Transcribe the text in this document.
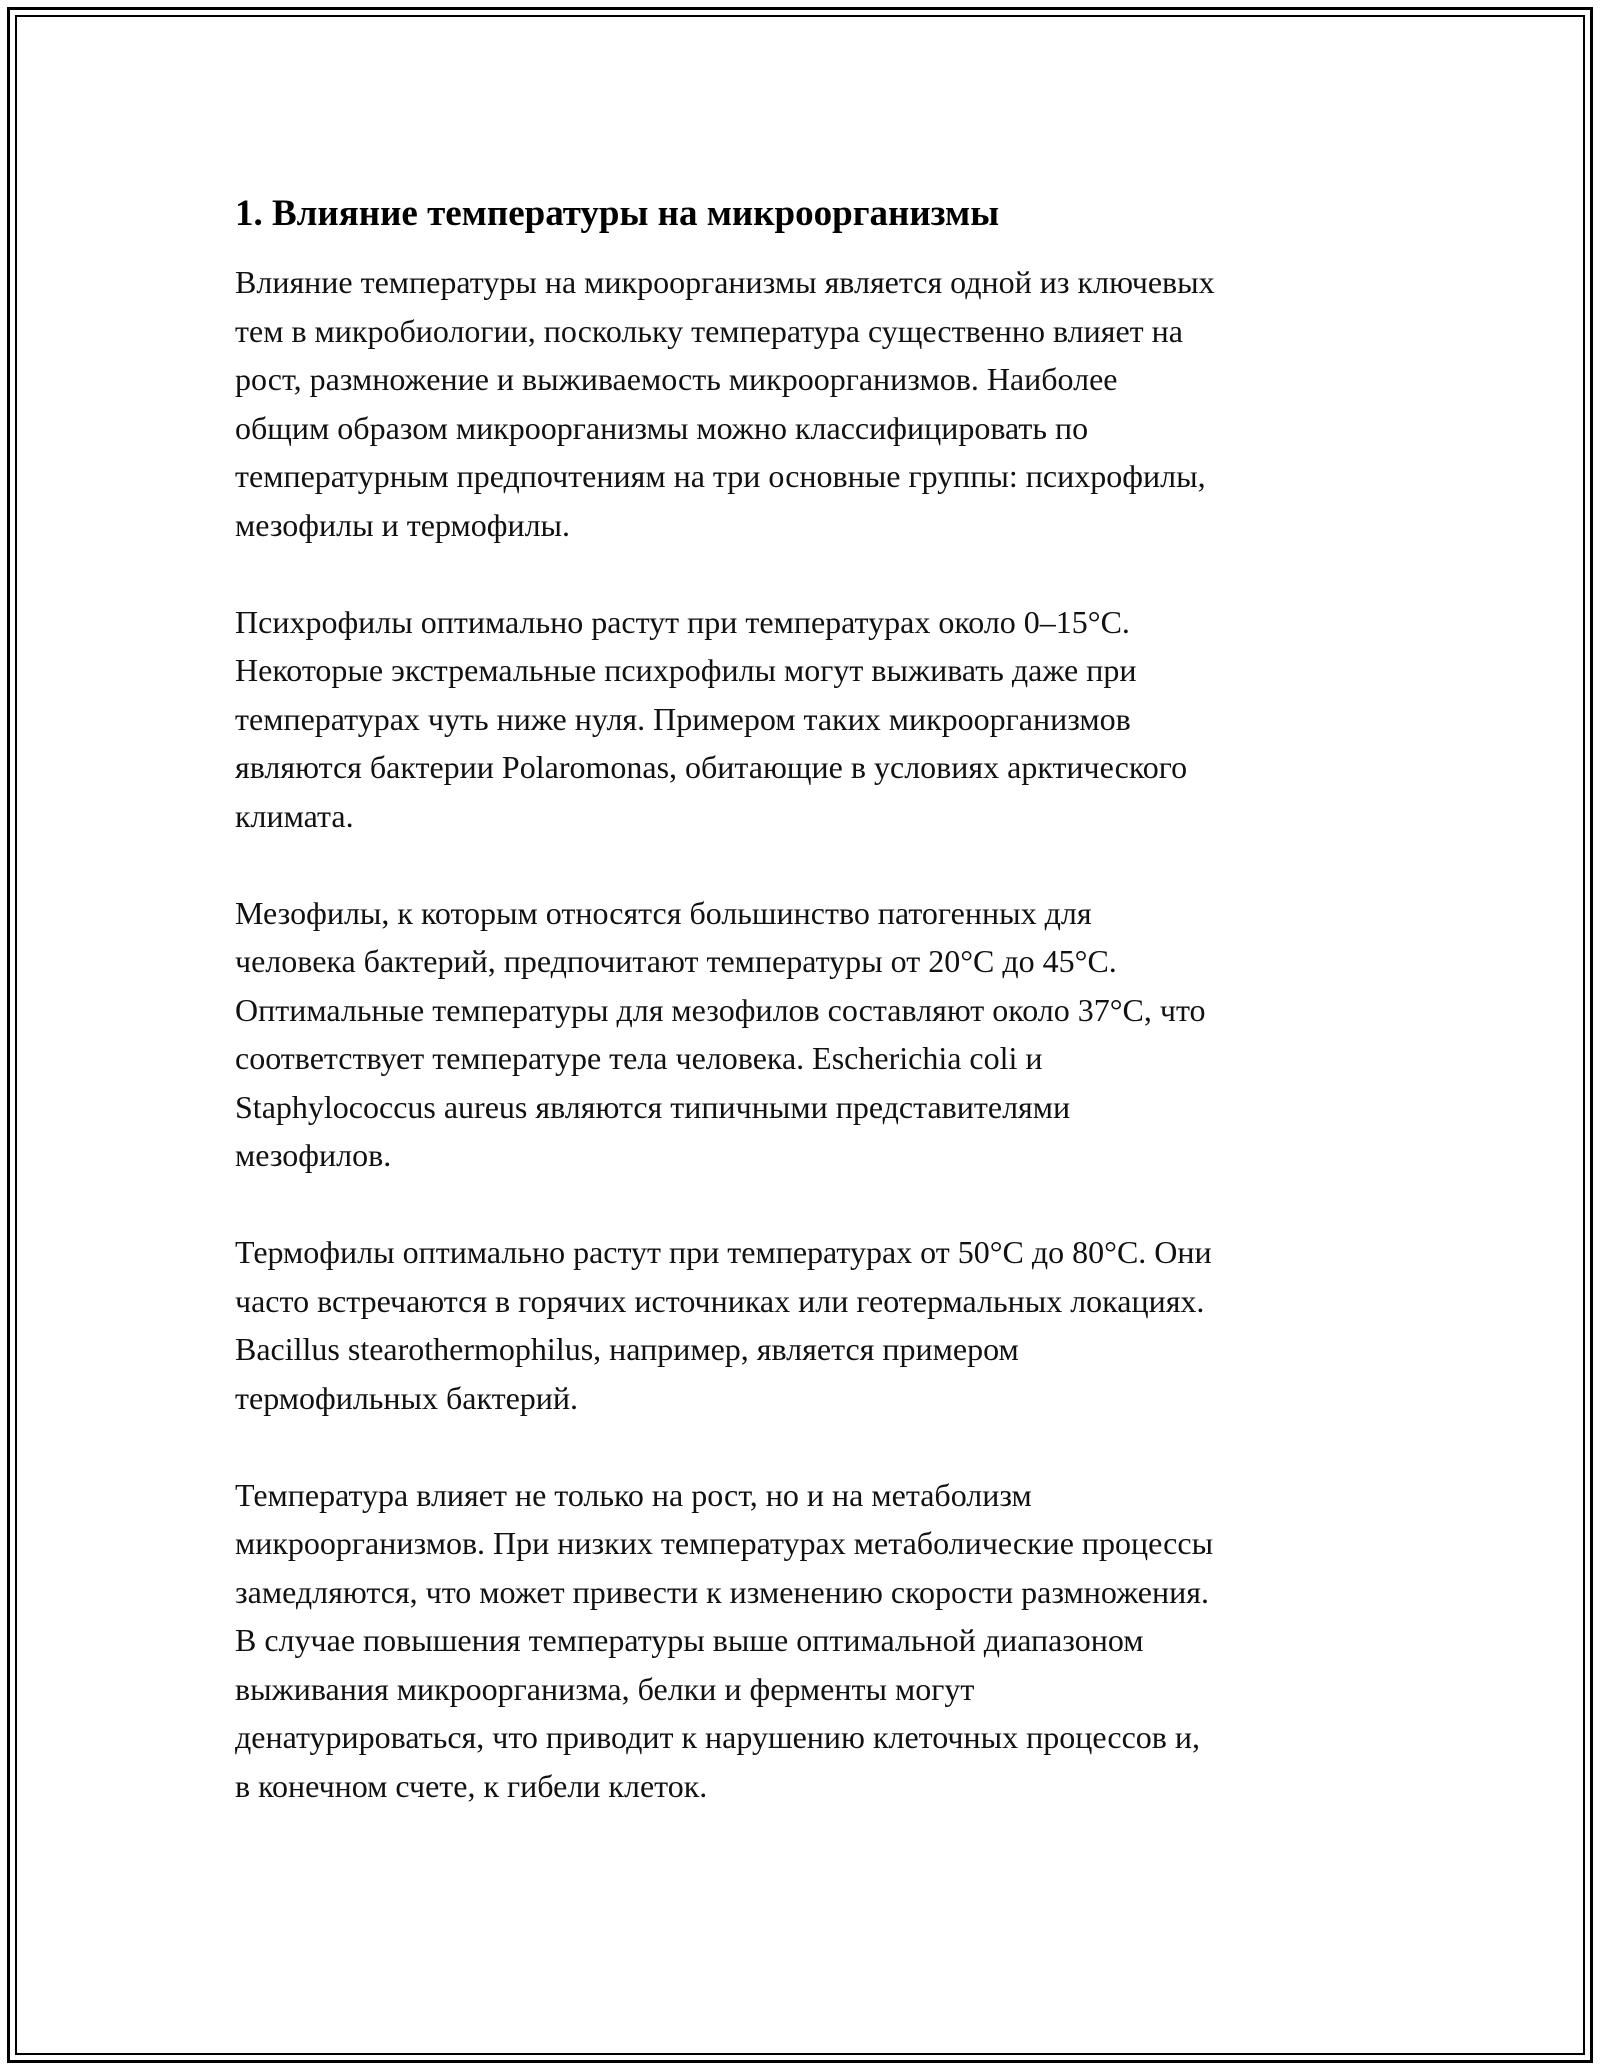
1. Влияние температуры на микроорганизмы

Влияние температуры на микроорганизмы является одной из ключевых
тем в микробиологии, поскольку температура существенно влияет на
рост, размножение и выживаемость микроорганизмов. Наиболее
общим образом микроорганизмы можно классифицировать по
температурным предпочтениям на три основные группы: психрофилы,
мезофилы и термофилы.

Психрофилы оптимально растут при температурах около 0–15°C.
Некоторые экстремальные психрофилы могут выживать даже при
температурах чуть ниже нуля. Примером таких микроорганизмов
являются бактерии Polaromonas, обитающие в условиях арктического
климата.

Мезофилы, к которым относятся большинство патогенных для
человека бактерий, предпочитают температуры от 20°C до 45°C.
Оптимальные температуры для мезофилов составляют около 37°C, что
соответствует температуре тела человека. Escherichia coli и
Staphylococcus aureus являются типичными представителями
мезофилов.

Термофилы оптимально растут при температурах от 50°C до 80°C. Они
часто встречаются в горячих источниках или геотермальных локациях.
Bacillus stearothermophilus, например, является примером
термофильных бактерий.

Температура влияет не только на рост, но и на метаболизм
микроорганизмов. При низких температурах метаболические процессы
замедляются, что может привести к изменению скорости размножения.
В случае повышения температуры выше оптимальной диапазоном
выживания микроорганизма, белки и ферменты могут
денатурироваться, что приводит к нарушению клеточных процессов и,
в конечном счете, к гибели клеток.
